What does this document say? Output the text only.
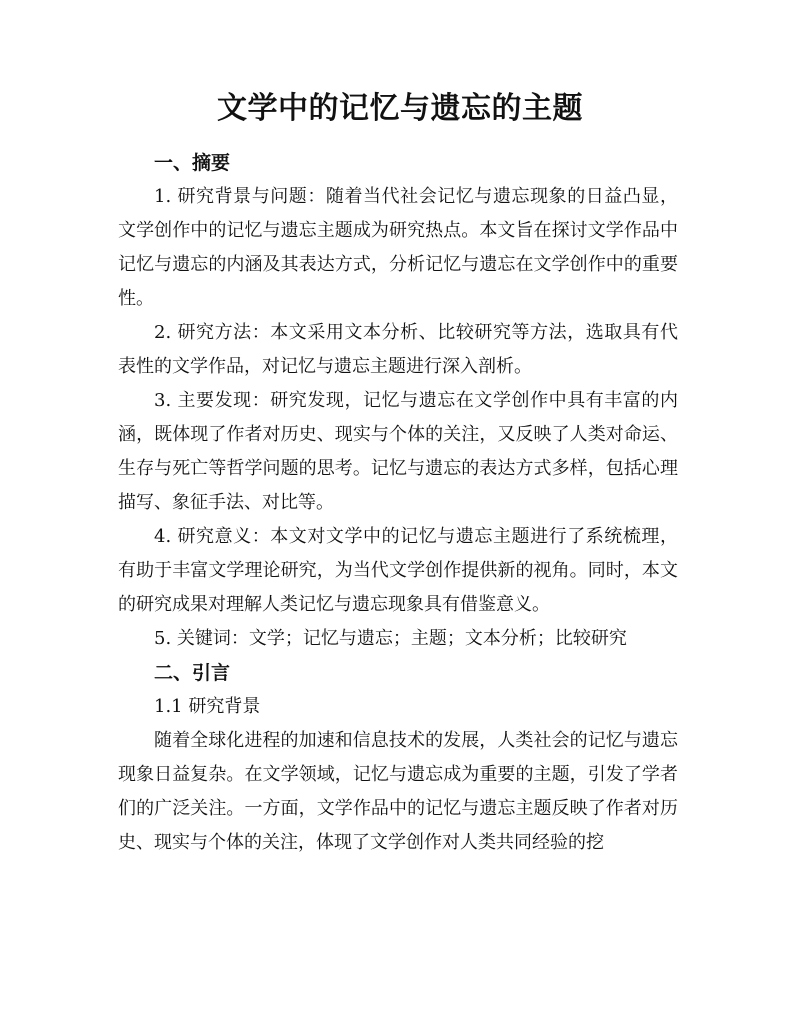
文学中的记忆与遗忘的主题
一、摘要

1. 研究背景与问题：随着当代社会记忆与遗忘现象的日益凸显，文学创作中的记忆与遗忘主题成为研究热点。本文旨在探讨文学作品中记忆与遗忘的内涵及其表达方式，分析记忆与遗忘在文学创作中的重要性。

2. 研究方法：本文采用文本分析、比较研究等方法，选取具有代表性的文学作品，对记忆与遗忘主题进行深入剖析。

3. 主要发现：研究发现，记忆与遗忘在文学创作中具有丰富的内涵，既体现了作者对历史、现实与个体的关注，又反映了人类对命运、生存与死亡等哲学问题的思考。记忆与遗忘的表达方式多样，包括心理描写、象征手法、对比等。

4. 研究意义：本文对文学中的记忆与遗忘主题进行了系统梳理，有助于丰富文学理论研究，为当代文学创作提供新的视角。同时，本文的研究成果对理解人类记忆与遗忘现象具有借鉴意义。

5. 关键词：文学；记忆与遗忘；主题；文本分析；比较研究

二、引言

1.1 研究背景

随着全球化进程的加速和信息技术的发展，人类社会的记忆与遗忘现象日益复杂。在文学领域，记忆与遗忘成为重要的主题，引发了学者们的广泛关注。一方面，文学作品中的记忆与遗忘主题反映了作者对历史、现实与个体的关注，体现了文学创作对人类共同经验的挖
